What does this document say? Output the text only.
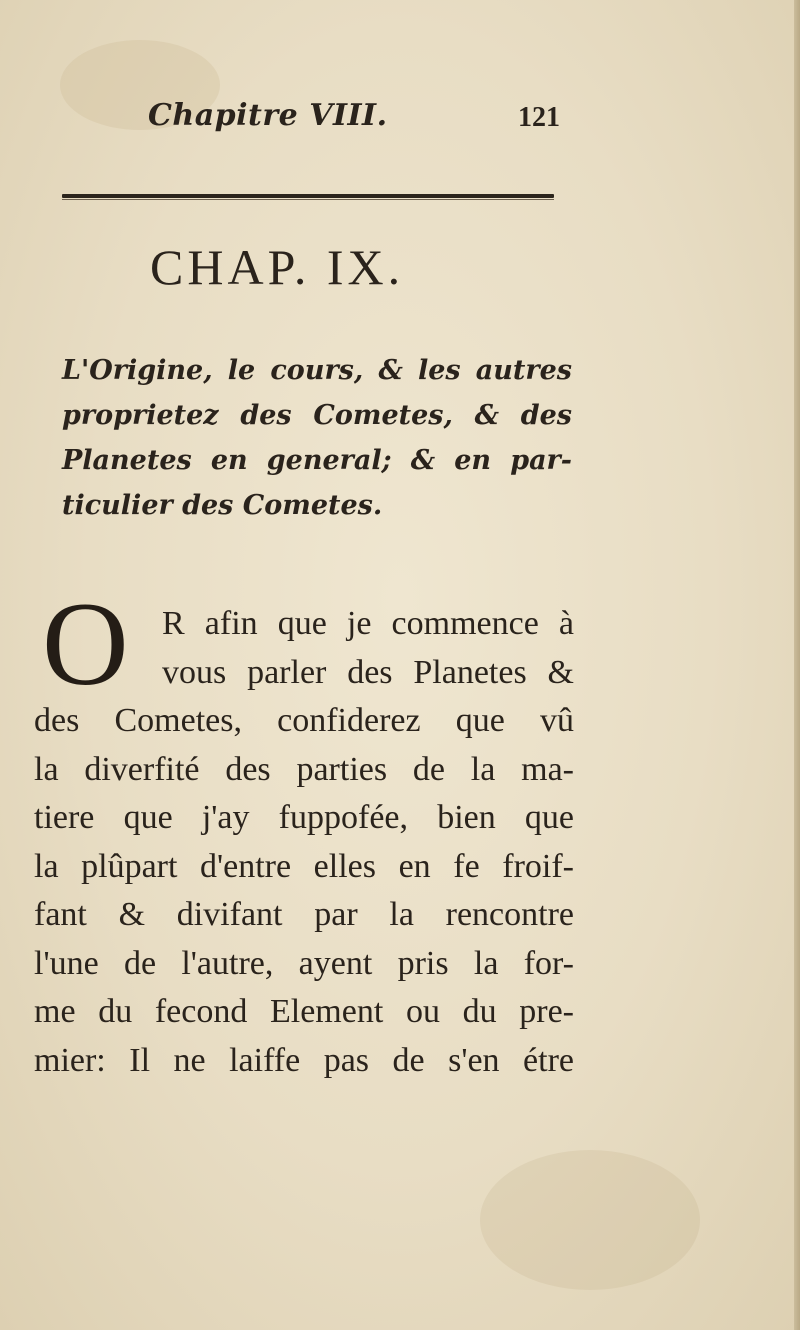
Chapitre VIII.	121
CHAP. IX.
L'Origine, le cours, & les autres
proprietez des Cometes, & des
Planetes en general; & en par-
ticulier des Cometes.
O R afin que je commence à
vous parler des Planetes &
des Cometes, confiderez que vû
la diverfité des parties de la ma-
tiere que j'ay fuppofée, bien que
la plûpart d'entre elles en fe froif-
fant & divifant par la rencontre
l'une de l'autre, ayent pris la for-
me du fecond Element ou du pre-
mier: Il ne laiffe pas de s'en étre
